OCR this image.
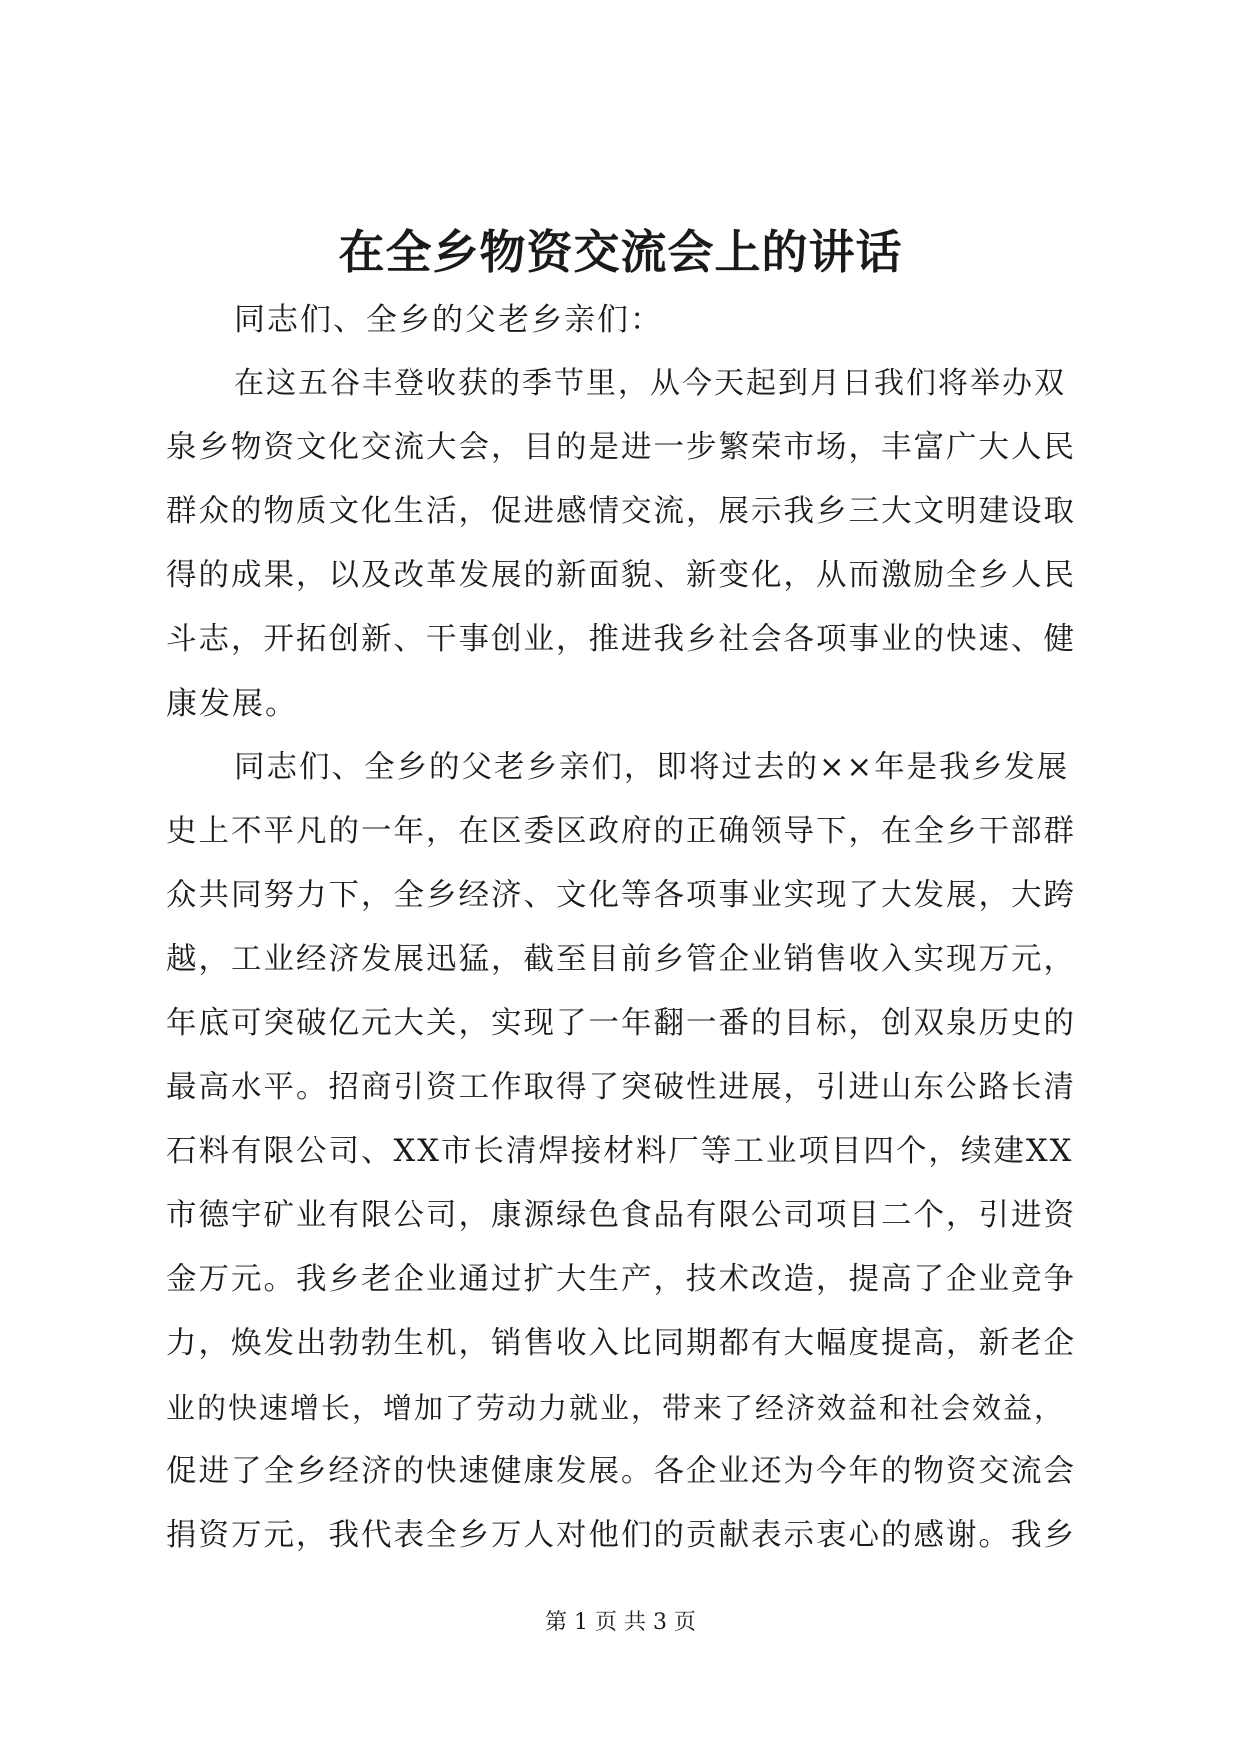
在全乡物资交流会上的讲话
同志们、全乡的父老乡亲们：
在这五谷丰登收获的季节里，从今天起到月日我们将举办双
泉乡物资文化交流大会，目的是进一步繁荣市场，丰富广大人民
群众的物质文化生活，促进感情交流，展示我乡三大文明建设取
得的成果，以及改革发展的新面貌、新变化，从而激励全乡人民
斗志，开拓创新、干事创业，推进我乡社会各项事业的快速、健
康发展。
同志们、全乡的父老乡亲们，即将过去的××年是我乡发展
史上不平凡的一年，在区委区政府的正确领导下，在全乡干部群
众共同努力下，全乡经济、文化等各项事业实现了大发展，大跨
越，工业经济发展迅猛，截至目前乡管企业销售收入实现万元，
年底可突破亿元大关，实现了一年翻一番的目标，创双泉历史的
最高水平。招商引资工作取得了突破性进展，引进山东公路长清
石料有限公司、XX市长清焊接材料厂等工业项目四个，续建XX
市德宇矿业有限公司，康源绿色食品有限公司项目二个，引进资
金万元。我乡老企业通过扩大生产，技术改造，提高了企业竞争
力，焕发出勃勃生机，销售收入比同期都有大幅度提高，新老企
业的快速增长，增加了劳动力就业，带来了经济效益和社会效益，
促进了全乡经济的快速健康发展。各企业还为今年的物资交流会
捐资万元，我代表全乡万人对他们的贡献表示衷心的感谢。我乡
第 1 页 共 3 页
